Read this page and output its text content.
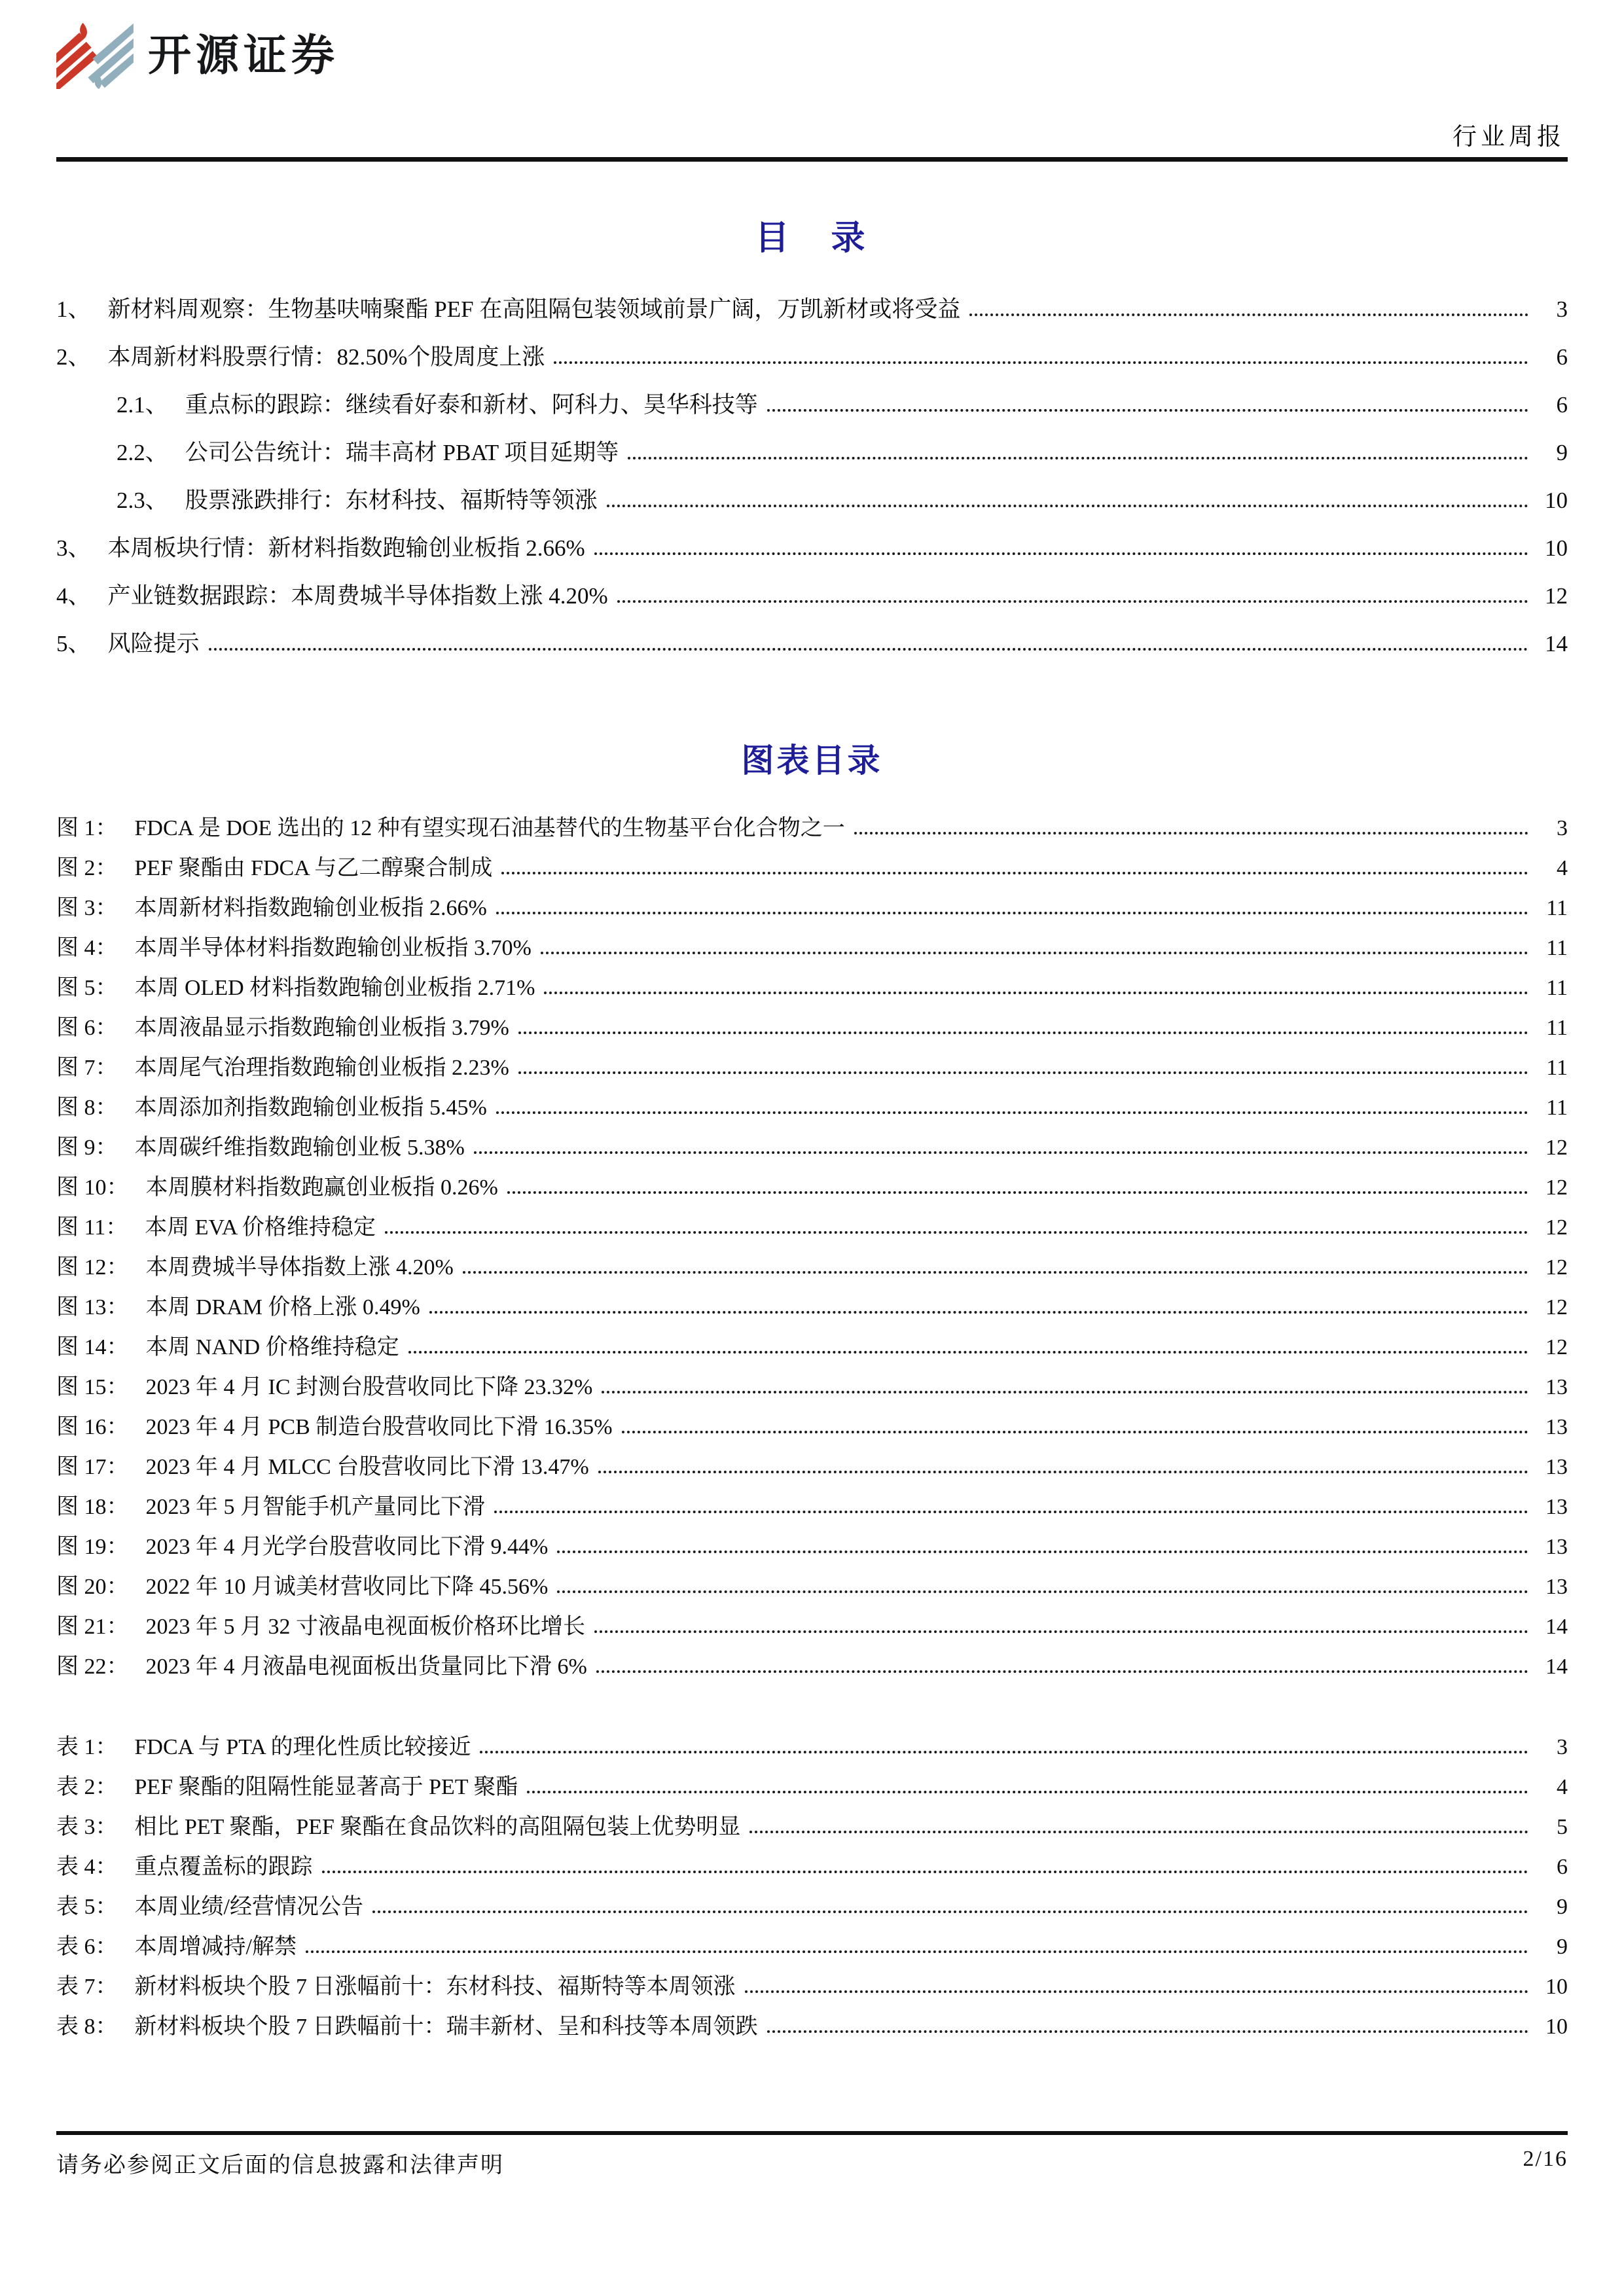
开源证券
行业周报
目　录
1、 新材料周观察：生物基呋喃聚酯 PEF 在高阻隔包装领域前景广阔，万凯新材或将受益	3
2、 本周新材料股票行情：82.50%个股周度上涨	6
2.1、 重点标的跟踪：继续看好泰和新材、阿科力、昊华科技等	6
2.2、 公司公告统计：瑞丰高材 PBAT 项目延期等	9
2.3、 股票涨跌排行：东材科技、福斯特等领涨	10
3、 本周板块行情：新材料指数跑输创业板指 2.66%	10
4、 产业链数据跟踪：本周费城半导体指数上涨 4.20%	12
5、 风险提示	14
图表目录
图 1： FDCA 是 DOE 选出的 12 种有望实现石油基替代的生物基平台化合物之一	3
图 2： PEF 聚酯由 FDCA 与乙二醇聚合制成	4
图 3： 本周新材料指数跑输创业板指 2.66%	11
图 4： 本周半导体材料指数跑输创业板指 3.70%	11
图 5： 本周 OLED 材料指数跑输创业板指 2.71%	11
图 6： 本周液晶显示指数跑输创业板指 3.79%	11
图 7： 本周尾气治理指数跑输创业板指 2.23%	11
图 8： 本周添加剂指数跑输创业板指 5.45%	11
图 9： 本周碳纤维指数跑输创业板 5.38%	12
图 10： 本周膜材料指数跑赢创业板指 0.26%	12
图 11： 本周 EVA 价格维持稳定	12
图 12： 本周费城半导体指数上涨 4.20%	12
图 13： 本周 DRAM 价格上涨 0.49%	12
图 14： 本周 NAND 价格维持稳定	12
图 15： 2023 年 4 月 IC 封测台股营收同比下降 23.32%	13
图 16： 2023 年 4 月 PCB 制造台股营收同比下滑 16.35%	13
图 17： 2023 年 4 月 MLCC 台股营收同比下滑 13.47%	13
图 18： 2023 年 5 月智能手机产量同比下滑	13
图 19： 2023 年 4 月光学台股营收同比下滑 9.44%	13
图 20： 2022 年 10 月诚美材营收同比下降 45.56%	13
图 21： 2023 年 5 月 32 寸液晶电视面板价格环比增长	14
图 22： 2023 年 4 月液晶电视面板出货量同比下滑 6%	14
表 1： FDCA 与 PTA 的理化性质比较接近	3
表 2： PEF 聚酯的阻隔性能显著高于 PET 聚酯	4
表 3： 相比 PET 聚酯，PEF 聚酯在食品饮料的高阻隔包装上优势明显	5
表 4： 重点覆盖标的跟踪	6
表 5： 本周业绩/经营情况公告	9
表 6： 本周增减持/解禁	9
表 7： 新材料板块个股 7 日涨幅前十：东材科技、福斯特等本周领涨	10
表 8： 新材料板块个股 7 日跌幅前十：瑞丰新材、呈和科技等本周领跌	10
请务必参阅正文后面的信息披露和法律声明	2/16
